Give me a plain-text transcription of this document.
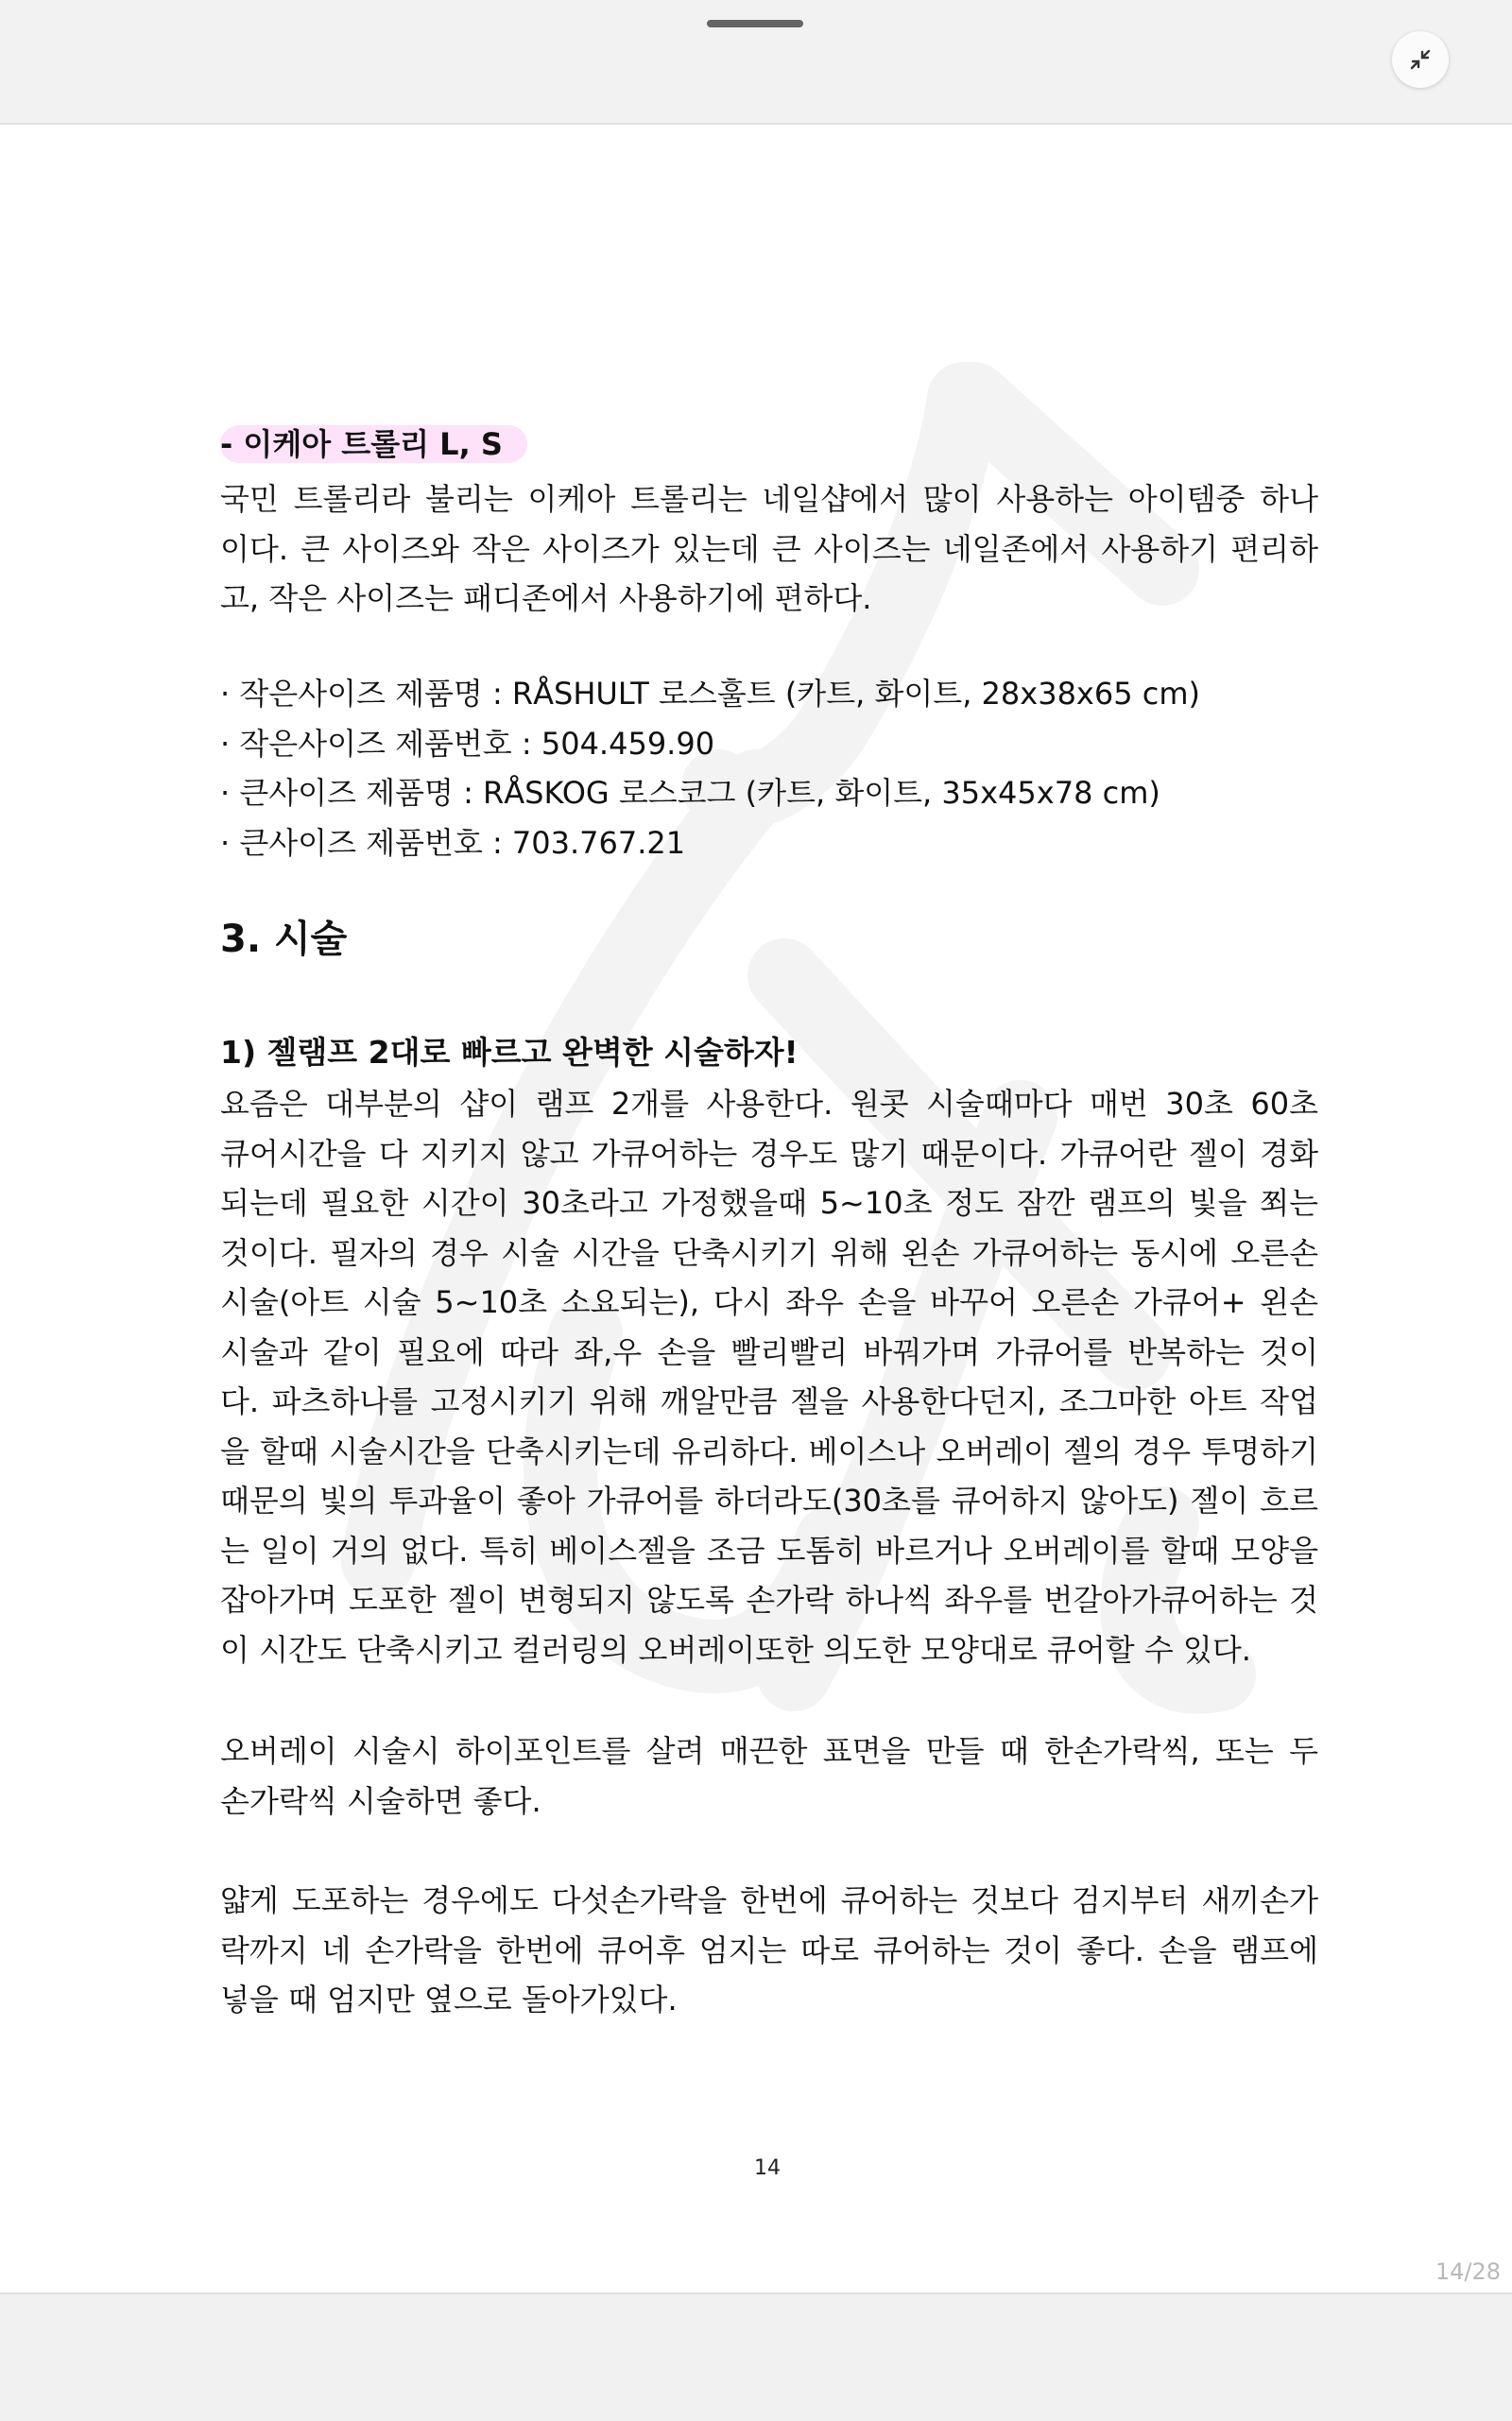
- 이케아 트롤리 L, S
국민 트롤리라 불리는 이케아 트롤리는 네일샵에서 많이 사용하는 아이템중 하나
이다. 큰 사이즈와 작은 사이즈가 있는데 큰 사이즈는 네일존에서 사용하기 편리하
고, 작은 사이즈는 패디존에서 사용하기에 편하다.
· 작은사이즈 제품명 : RÅSHULT 로스훌트 (카트, 화이트, 28x38x65 cm)
· 작은사이즈 제품번호 : 504.459.90
· 큰사이즈 제품명 : RÅSKOG 로스코그 (카트, 화이트, 35x45x78 cm)
· 큰사이즈 제품번호 : 703.767.21
3. 시술
1) 젤램프 2대로 빠르고 완벽한 시술하자!
요즘은 대부분의 샵이 램프 2개를 사용한다. 원콧 시술때마다 매번 30초 60초
큐어시간을 다 지키지 않고 가큐어하는 경우도 많기 때문이다. 가큐어란 젤이 경화
되는데 필요한 시간이 30초라고 가정했을때 5~10초 정도 잠깐 램프의 빛을 쬐는
것이다. 필자의 경우 시술 시간을 단축시키기 위해 왼손 가큐어하는 동시에 오른손
시술(아트 시술 5~10초 소요되는), 다시 좌우 손을 바꾸어 오른손 가큐어+ 왼손
시술과 같이 필요에 따라 좌,우 손을 빨리빨리 바꿔가며 가큐어를 반복하는 것이
다. 파츠하나를 고정시키기 위해 깨알만큼 젤을 사용한다던지, 조그마한 아트 작업
을 할때 시술시간을 단축시키는데 유리하다. 베이스나 오버레이 젤의 경우 투명하기
때문의 빛의 투과율이 좋아 가큐어를 하더라도(30초를 큐어하지 않아도) 젤이 흐르
는 일이 거의 없다. 특히 베이스젤을 조금 도톰히 바르거나 오버레이를 할때 모양을
잡아가며 도포한 젤이 변형되지 않도록 손가락 하나씩 좌우를 번갈아가큐어하는 것
이 시간도 단축시키고 컬러링의 오버레이또한 의도한 모양대로 큐어할 수 있다.
오버레이 시술시 하이포인트를 살려 매끈한 표면을 만들 때 한손가락씩, 또는 두
손가락씩 시술하면 좋다.
얇게 도포하는 경우에도 다섯손가락을 한번에 큐어하는 것보다 검지부터 새끼손가
락까지 네 손가락을 한번에 큐어후 엄지는 따로 큐어하는 것이 좋다. 손을 램프에
넣을 때 엄지만 옆으로 돌아가있다.
14
14/28
